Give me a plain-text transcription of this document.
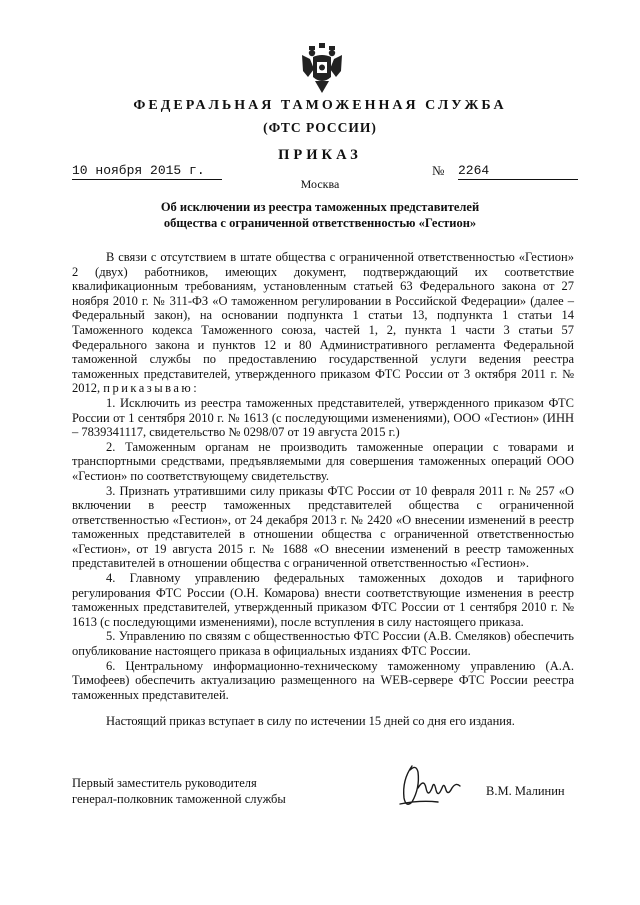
ФЕДЕРАЛЬНАЯ ТАМОЖЕННАЯ СЛУЖБА
(ФТС РОССИИ)
ПРИКАЗ
10 ноября 2015 г.	№ 2264
Москва
Об исключении из реестра таможенных представителей
общества с ограниченной ответственностью «Гестион»

В связи с отсутствием в штате общества с ограниченной ответственностью «Гестион» 2 (двух) работников, имеющих документ, подтверждающий их соответствие квалификационным требованиям, установленным статьей 63 Федерального закона от 27 ноября 2010 г. № 311-ФЗ «О таможенном регулировании в Российской Федерации» (далее – Федеральный закон), на основании подпункта 1 статьи 13, подпункта 1 статьи 14 Таможенного кодекса Таможенного союза, частей 1, 2, пункта 1 части 3 статьи 57 Федерального закона и пунктов 12 и 80 Административного регламента Федеральной таможенной службы по предоставлению государственной услуги ведения реестра таможенных представителей, утвержденного приказом ФТС России от 3 октября 2011 г. № 2012, приказываю:

1. Исключить из реестра таможенных представителей, утвержденного приказом ФТС России от 1 сентября 2010 г. № 1613 (с последующими изменениями), ООО «Гестион» (ИНН – 7839341117, свидетельство № 0298/07 от 19 августа 2015 г.)

2. Таможенным органам не производить таможенные операции с товарами и транспортными средствами, предъявляемыми для совершения таможенных операций ООО «Гестион» по соответствующему свидетельству.

3. Признать утратившими силу приказы ФТС России от 10 февраля 2011 г. № 257 «О включении в реестр таможенных представителей общества с ограниченной ответственностью «Гестион», от 24 декабря 2013 г. № 2420 «О внесении изменений в реестр таможенных представителей в отношении общества с ограниченной ответственностью «Гестион», от 19 августа 2015 г. № 1688 «О внесении изменений в реестр таможенных представителей в отношении общества с ограниченной ответственностью «Гестион».

4. Главному управлению федеральных таможенных доходов и тарифного регулирования ФТС России (О.Н. Комарова) внести соответствующие изменения в реестр таможенных представителей, утвержденный приказом ФТС России от 1 сентября 2010 г. № 1613 (с последующими изменениями), после вступления в силу настоящего приказа.

5. Управлению по связям с общественностью ФТС России (А.В. Смеляков) обеспечить опубликование настоящего приказа в официальных изданиях ФТС России.

6. Центральному информационно-техническому таможенному управлению (А.А. Тимофеев) обеспечить актуализацию размещенного на WEB-сервере ФТС России реестра таможенных представителей.

Настоящий приказ вступает в силу по истечении 15 дней со дня его издания.

Первый заместитель руководителя
генерал-полковник таможенной службы
В.М. Малинин
